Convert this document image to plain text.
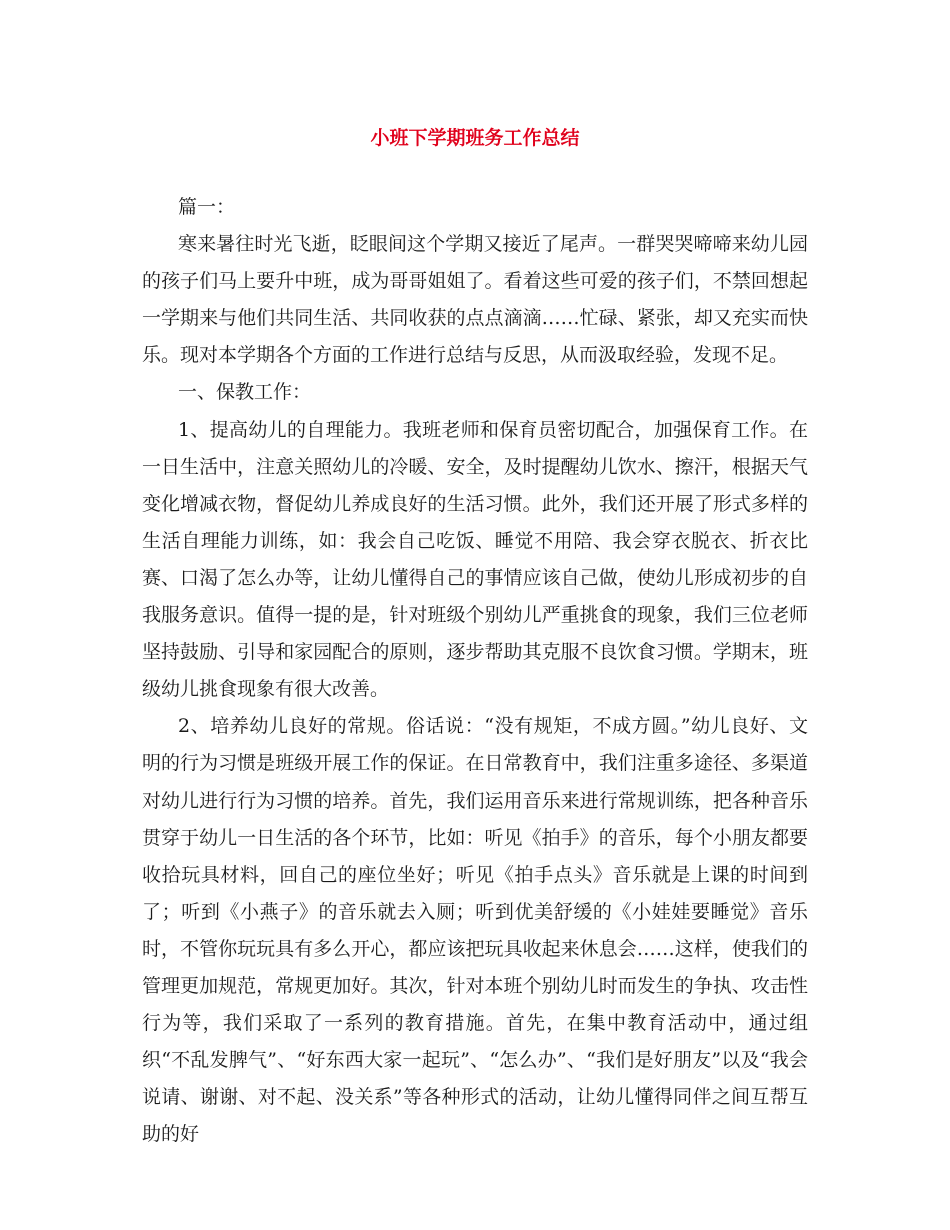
小班下学期班务工作总结

篇一：

寒来暑往时光飞逝，眨眼间这个学期又接近了尾声。一群哭哭啼啼来幼儿园的孩子们马上要升中班，成为哥哥姐姐了。看着这些可爱的孩子们，不禁回想起一学期来与他们共同生活、共同收获的点点滴滴……忙碌、紧张，却又充实而快乐。现对本学期各个方面的工作进行总结与反思，从而汲取经验，发现不足。

一、保教工作：

1、提高幼儿的自理能力。我班老师和保育员密切配合，加强保育工作。在一日生活中，注意关照幼儿的冷暖、安全，及时提醒幼儿饮水、擦汗，根据天气变化增减衣物，督促幼儿养成良好的生活习惯。此外，我们还开展了形式多样的生活自理能力训练，如：我会自己吃饭、睡觉不用陪、我会穿衣脱衣、折衣比赛、口渴了怎么办等，让幼儿懂得自己的事情应该自己做，使幼儿形成初步的自我服务意识。值得一提的是，针对班级个别幼儿严重挑食的现象，我们三位老师坚持鼓励、引导和家园配合的原则，逐步帮助其克服不良饮食习惯。学期末，班级幼儿挑食现象有很大改善。

2、培养幼儿良好的常规。俗话说：“没有规矩，不成方圆。”幼儿良好、文明的行为习惯是班级开展工作的保证。在日常教育中，我们注重多途径、多渠道对幼儿进行行为习惯的培养。首先，我们运用音乐来进行常规训练，把各种音乐贯穿于幼儿一日生活的各个环节，比如：听见《拍手》的音乐，每个小朋友都要收拾玩具材料，回自己的座位坐好；听见《拍手点头》音乐就是上课的时间到了；听到《小燕子》的音乐就去入厕；听到优美舒缓的《小娃娃要睡觉》音乐时，不管你玩玩具有多么开心，都应该把玩具收起来休息会……这样，使我们的管理更加规范，常规更加好。其次，针对本班个别幼儿时而发生的争执、攻击性行为等，我们采取了一系列的教育措施。首先，在集中教育活动中，通过组织“不乱发脾气”、“好东西大家一起玩”、“怎么办”、“我们是好朋友”以及“我会说请、谢谢、对不起、没关系”等各种形式的活动，让幼儿懂得同伴之间互帮互助的好
